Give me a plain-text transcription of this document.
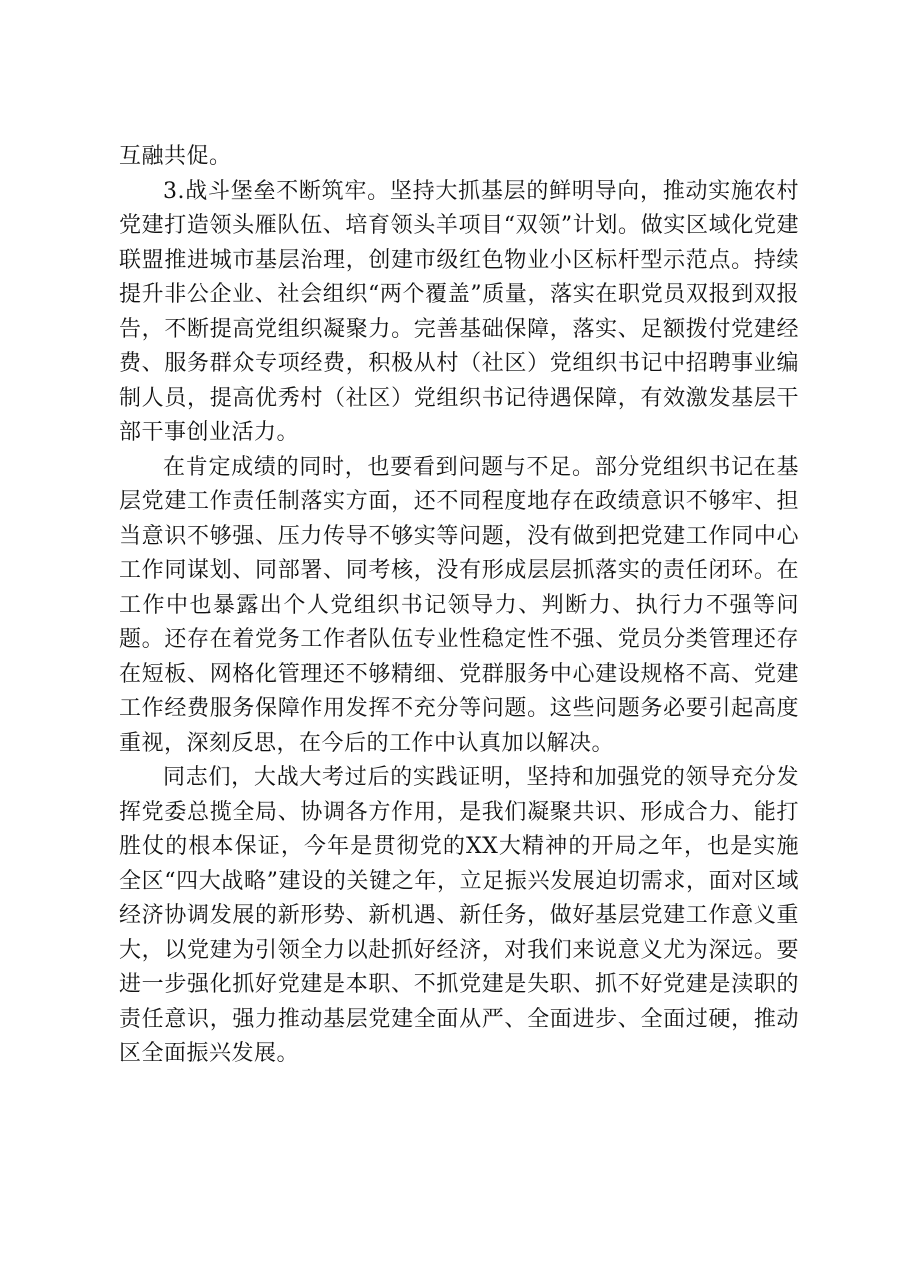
互融共促。

3.战斗堡垒不断筑牢。坚持大抓基层的鲜明导向，推动实施农村党建打造领头雁队伍、培育领头羊项目“双领”计划。做实区域化党建联盟推进城市基层治理，创建市级红色物业小区标杆型示范点。持续提升非公企业、社会组织“两个覆盖”质量，落实在职党员双报到双报告，不断提高党组织凝聚力。完善基础保障，落实、足额拨付党建经费、服务群众专项经费，积极从村（社区）党组织书记中招聘事业编制人员，提高优秀村（社区）党组织书记待遇保障，有效激发基层干部干事创业活力。

在肯定成绩的同时，也要看到问题与不足。部分党组织书记在基层党建工作责任制落实方面，还不同程度地存在政绩意识不够牢、担当意识不够强、压力传导不够实等问题，没有做到把党建工作同中心工作同谋划、同部署、同考核，没有形成层层抓落实的责任闭环。在工作中也暴露出个人党组织书记领导力、判断力、执行力不强等问题。还存在着党务工作者队伍专业性稳定性不强、党员分类管理还存在短板、网格化管理还不够精细、党群服务中心建设规格不高、党建工作经费服务保障作用发挥不充分等问题。这些问题务必要引起高度重视，深刻反思，在今后的工作中认真加以解决。

同志们，大战大考过后的实践证明，坚持和加强党的领导充分发挥党委总揽全局、协调各方作用，是我们凝聚共识、形成合力、能打胜仗的根本保证，今年是贯彻党的XX大精神的开局之年，也是实施全区“四大战略”建设的关键之年，立足振兴发展迫切需求，面对区域经济协调发展的新形势、新机遇、新任务，做好基层党建工作意义重大，以党建为引领全力以赴抓好经济，对我们来说意义尤为深远。要进一步强化抓好党建是本职、不抓党建是失职、抓不好党建是渎职的责任意识，强力推动基层党建全面从严、全面进步、全面过硬，推动区全面振兴发展。
